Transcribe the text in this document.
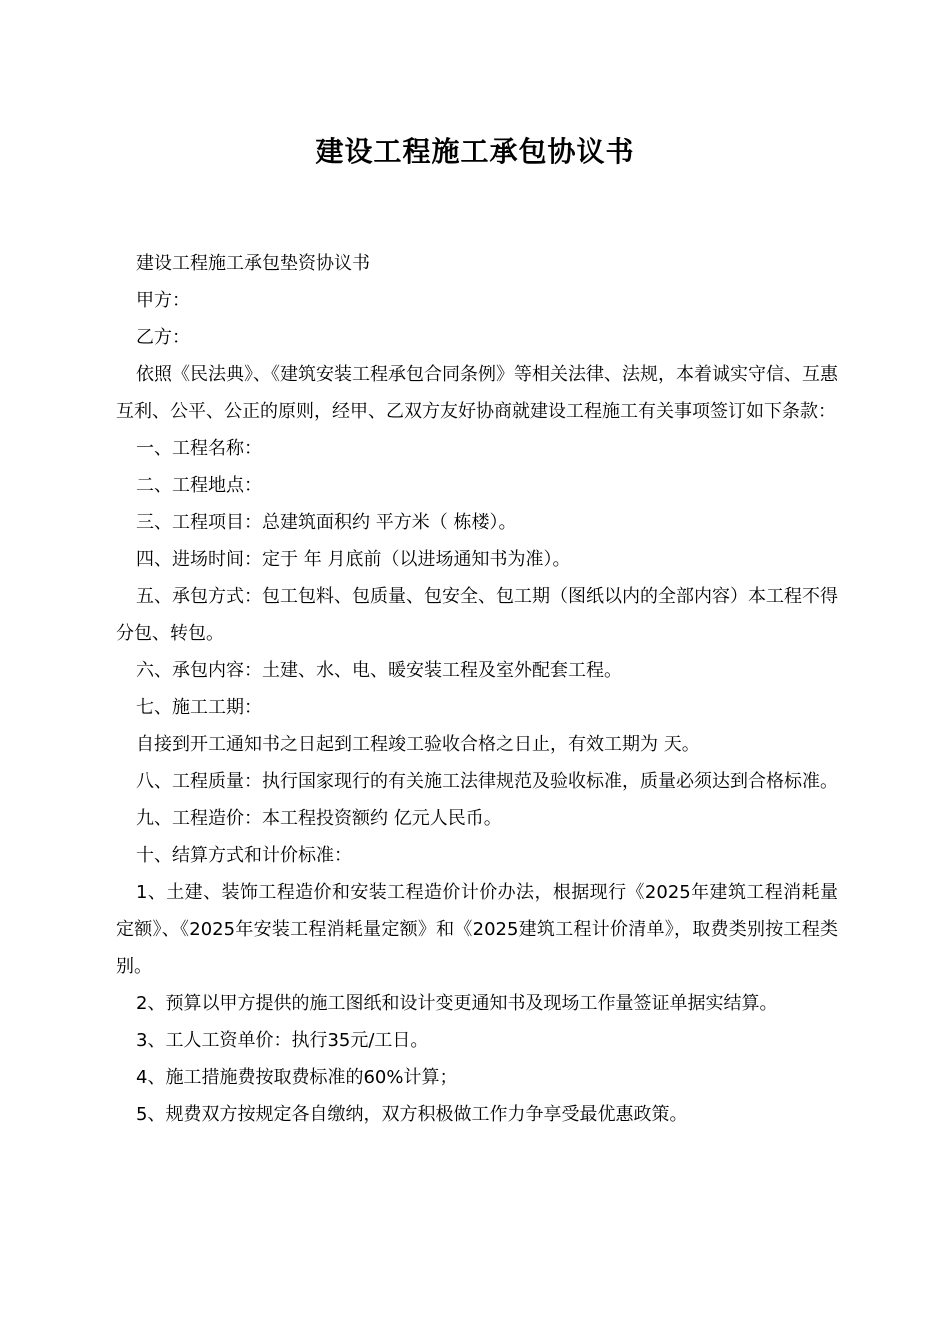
建设工程施工承包协议书

建设工程施工承包垫资协议书

甲方：

乙方：

依照《民法典》、《建筑安装工程承包合同条例》等相关法律、法规，本着诚实守信、互惠互利、公平、公正的原则，经甲、乙双方友好协商就建设工程施工有关事项签订如下条款：

一、工程名称：

二、工程地点：

三、工程项目：总建筑面积约 平方米（ 栋楼）。

四、进场时间：定于 年 月底前（以进场通知书为准）。

五、承包方式：包工包料、包质量、包安全、包工期（图纸以内的全部内容）本工程不得分包、转包。

六、承包内容：土建、水、电、暖安装工程及室外配套工程。

七、施工工期：

自接到开工通知书之日起到工程竣工验收合格之日止，有效工期为 天。

八、工程质量：执行国家现行的有关施工法律规范及验收标准，质量必须达到合格标准。

九、工程造价：本工程投资额约 亿元人民币。

十、结算方式和计价标准：

1、土建、装饰工程造价和安装工程造价计价办法，根据现行《2025年建筑工程消耗量定额》、《2025年安装工程消耗量定额》和《2025建筑工程计价清单》，取费类别按工程类别。

2、预算以甲方提供的施工图纸和设计变更通知书及现场工作量签证单据实结算。

3、工人工资单价：执行35元/工日。

4、施工措施费按取费标准的60%计算；

5、规费双方按规定各自缴纳，双方积极做工作力争享受最优惠政策。
